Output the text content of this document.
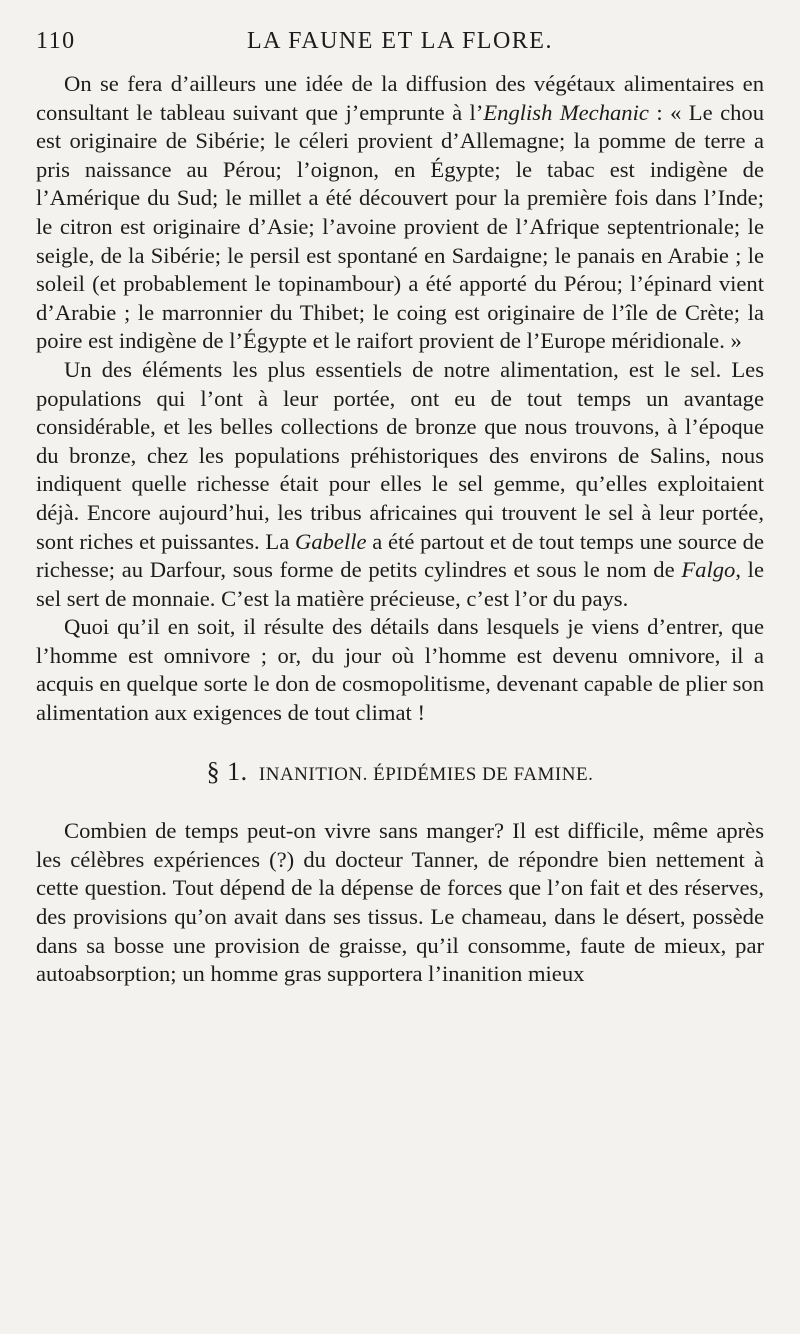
110	LA FAUNE ET LA FLORE.

On se fera d’ailleurs une idée de la diffusion des végétaux alimentaires en consultant le tableau suivant que j’emprunte à l’English Mechanic : « Le chou est originaire de Sibérie; le céleri provient d’Allemagne; la pomme de terre a pris naissance au Pérou; l’oignon, en Égypte; le tabac est indigène de l’Amérique du Sud; le millet a été découvert pour la première fois dans l’Inde; le citron est originaire d’Asie; l’avoine provient de l’Afrique septentrionale; le seigle, de la Sibérie; le persil est spontané en Sardaigne; le panais en Arabie ; le soleil (et probablement le topinambour) a été apporté du Pérou; l’épinard vient d’Arabie ; le marronnier du Thibet; le coing est originaire de l’île de Crète; la poire est indigène de l’Égypte et le raifort provient de l’Europe méridionale. »

Un des éléments les plus essentiels de notre alimentation, est le sel. Les populations qui l’ont à leur portée, ont eu de tout temps un avantage considérable, et les belles collections de bronze que nous trouvons, à l’époque du bronze, chez les populations préhistoriques des environs de Salins, nous indiquent quelle richesse était pour elles le sel gemme, qu’elles exploitaient déjà. Encore aujourd’hui, les tribus africaines qui trouvent le sel à leur portée, sont riches et puissantes. La Gabelle a été partout et de tout temps une source de richesse; au Darfour, sous forme de petits cylindres et sous le nom de Falgo, le sel sert de monnaie. C’est la matière précieuse, c’est l’or du pays.

Quoi qu’il en soit, il résulte des détails dans lesquels je viens d’entrer, que l’homme est omnivore ; or, du jour où l’homme est devenu omnivore, il a acquis en quelque sorte le don de cosmopolitisme, devenant capable de plier son alimentation aux exigences de tout climat !

§ 1. INANITION. ÉPIDÉMIES DE FAMINE.

Combien de temps peut-on vivre sans manger? Il est difficile, même après les célèbres expériences (?) du docteur Tanner, de répondre bien nettement à cette question. Tout dépend de la dépense de forces que l’on fait et des réserves, des provisions qu’on avait dans ses tissus. Le chameau, dans le désert, possède dans sa bosse une provision de graisse, qu’il consomme, faute de mieux, par autoabsorption; un homme gras supportera l’inanition mieux
